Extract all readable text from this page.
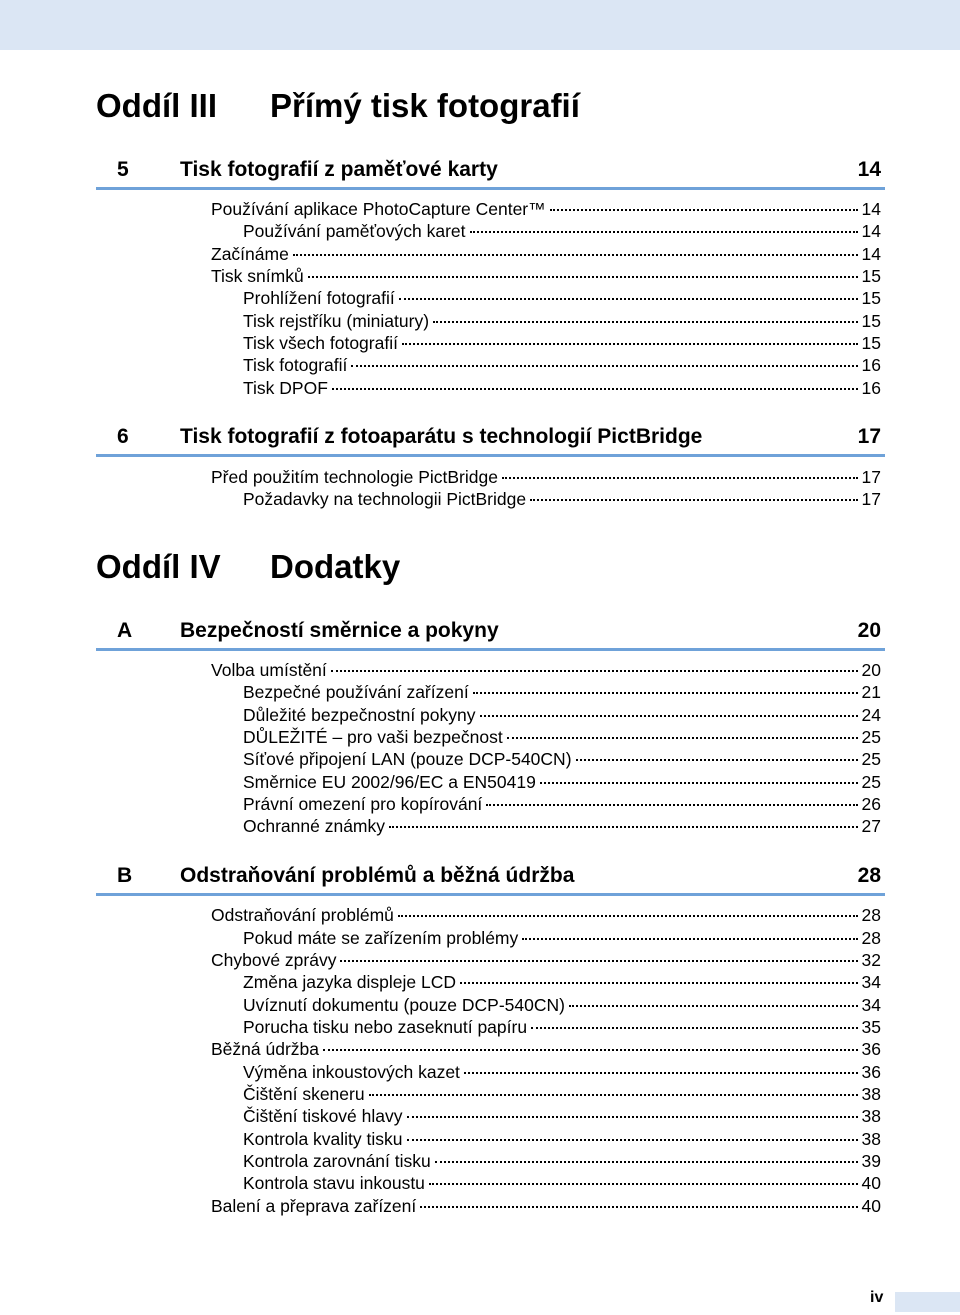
Oddíl III Přímý tisk fotografií
5 Tisk fotografií z paměťové karty	14
Používání aplikace PhotoCapture Center™	14
Používání paměťových karet	14
Začínáme	14
Tisk snímků	15
Prohlížení fotografií	15
Tisk rejstříku (miniatury)	15
Tisk všech fotografií	15
Tisk fotografií	16
Tisk DPOF	16
6 Tisk fotografií z fotoaparátu s technologií PictBridge	17
Před použitím technologie PictBridge	17
Požadavky na technologii PictBridge	17
Oddíl IV Dodatky
A Bezpečností směrnice a pokyny	20
Volba umístění	20
Bezpečné používání zařízení	21
Důležité bezpečnostní pokyny	24
DŮLEŽITÉ – pro vaši bezpečnost	25
Síťové připojení LAN (pouze DCP-540CN)	25
Směrnice EU 2002/96/EC a EN50419	25
Právní omezení pro kopírování	26
Ochranné známky	27
B Odstraňování problémů a běžná údržba	28
Odstraňování problémů	28
Pokud máte se zařízením problémy	28
Chybové zprávy	32
Změna jazyka displeje LCD	34
Uvíznutí dokumentu (pouze DCP-540CN)	34
Porucha tisku nebo zaseknutí papíru	35
Běžná údržba	36
Výměna inkoustových kazet	36
Čištění skeneru	38
Čištění tiskové hlavy	38
Kontrola kvality tisku	38
Kontrola zarovnání tisku	39
Kontrola stavu inkoustu	40
Balení a přeprava zařízení	40
iv
